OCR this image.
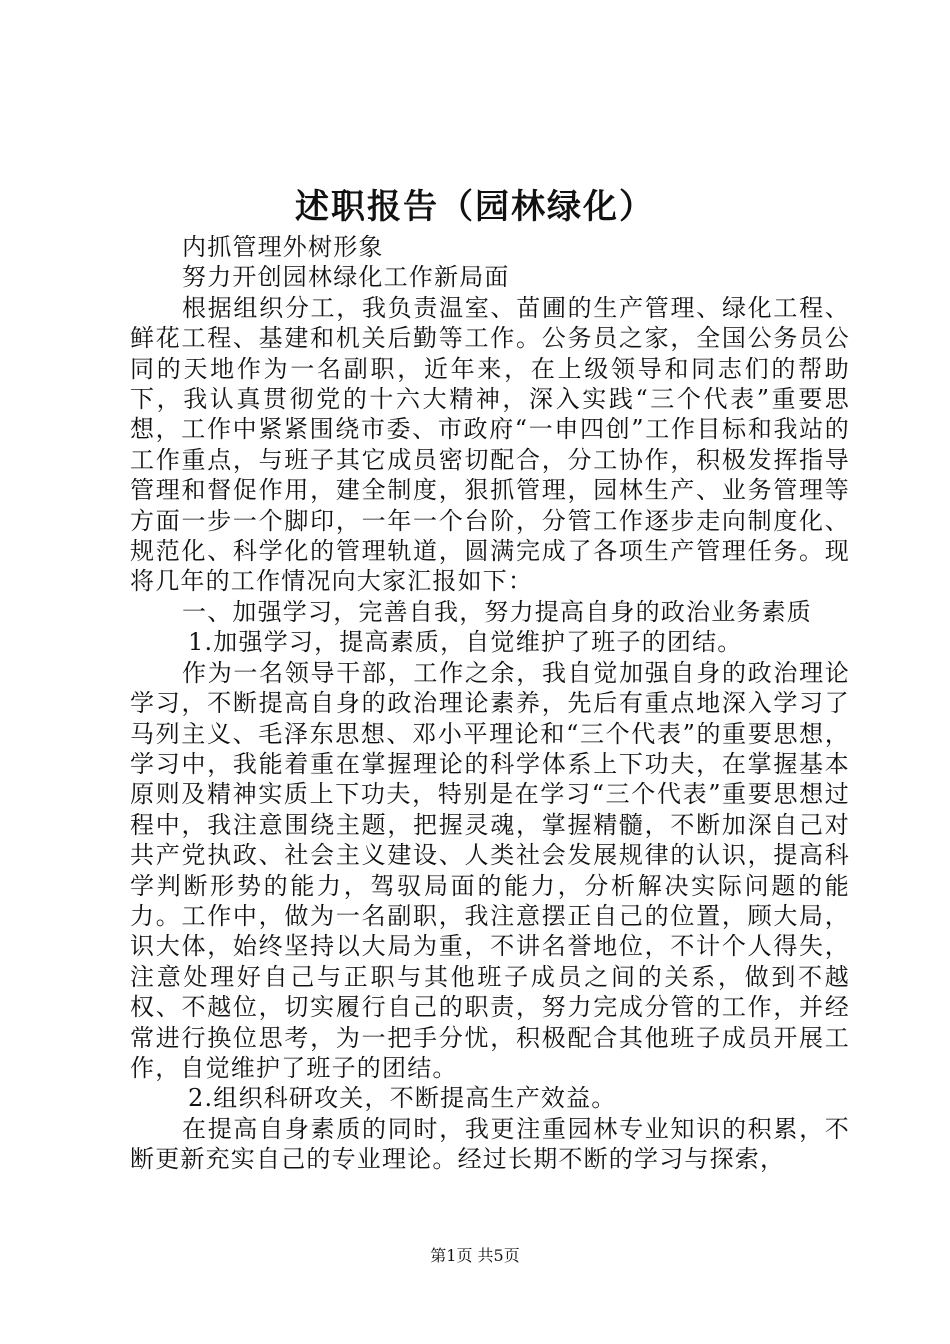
述职报告（园林绿化）

内抓管理外树形象

努力开创园林绿化工作新局面

根据组织分工，我负责温室、苗圃的生产管理、绿化工程、鲜花工程、基建和机关后勤等工作。公务员之家，全国公务员公同的天地作为一名副职，近年来，在上级领导和同志们的帮助下，我认真贯彻党的十六大精神，深入实践“三个代表”重要思想，工作中紧紧围绕市委、市政府“一申四创”工作目标和我站的工作重点，与班子其它成员密切配合，分工协作，积极发挥指导管理和督促作用，建全制度，狠抓管理，园林生产、业务管理等方面一步一个脚印，一年一个台阶，分管工作逐步走向制度化、规范化、科学化的管理轨道，圆满完成了各项生产管理任务。现将几年的工作情况向大家汇报如下：

一、加强学习，完善自我，努力提高自身的政治业务素质

1.加强学习，提高素质，自觉维护了班子的团结。

作为一名领导干部，工作之余，我自觉加强自身的政治理论学习，不断提高自身的政治理论素养，先后有重点地深入学习了马列主义、毛泽东思想、邓小平理论和“三个代表”的重要思想，学习中，我能着重在掌握理论的科学体系上下功夫，在掌握基本原则及精神实质上下功夫，特别是在学习“三个代表”重要思想过程中，我注意围绕主题，把握灵魂，掌握精髓，不断加深自己对共产党执政、社会主义建设、人类社会发展规律的认识，提高科学判断形势的能力，驾驭局面的能力，分析解决实际问题的能力。工作中，做为一名副职，我注意摆正自己的位置，顾大局，识大体，始终坚持以大局为重，不讲名誉地位，不计个人得失，注意处理好自己与正职与其他班子成员之间的关系，做到不越权、不越位，切实履行自己的职责，努力完成分管的工作，并经常进行换位思考，为一把手分忧，积极配合其他班子成员开展工作，自觉维护了班子的团结。

2.组织科研攻关，不断提高生产效益。

在提高自身素质的同时，我更注重园林专业知识的积累，不断更新充实自己的专业理论。经过长期不断的学习与探索，

第1页 共5页
